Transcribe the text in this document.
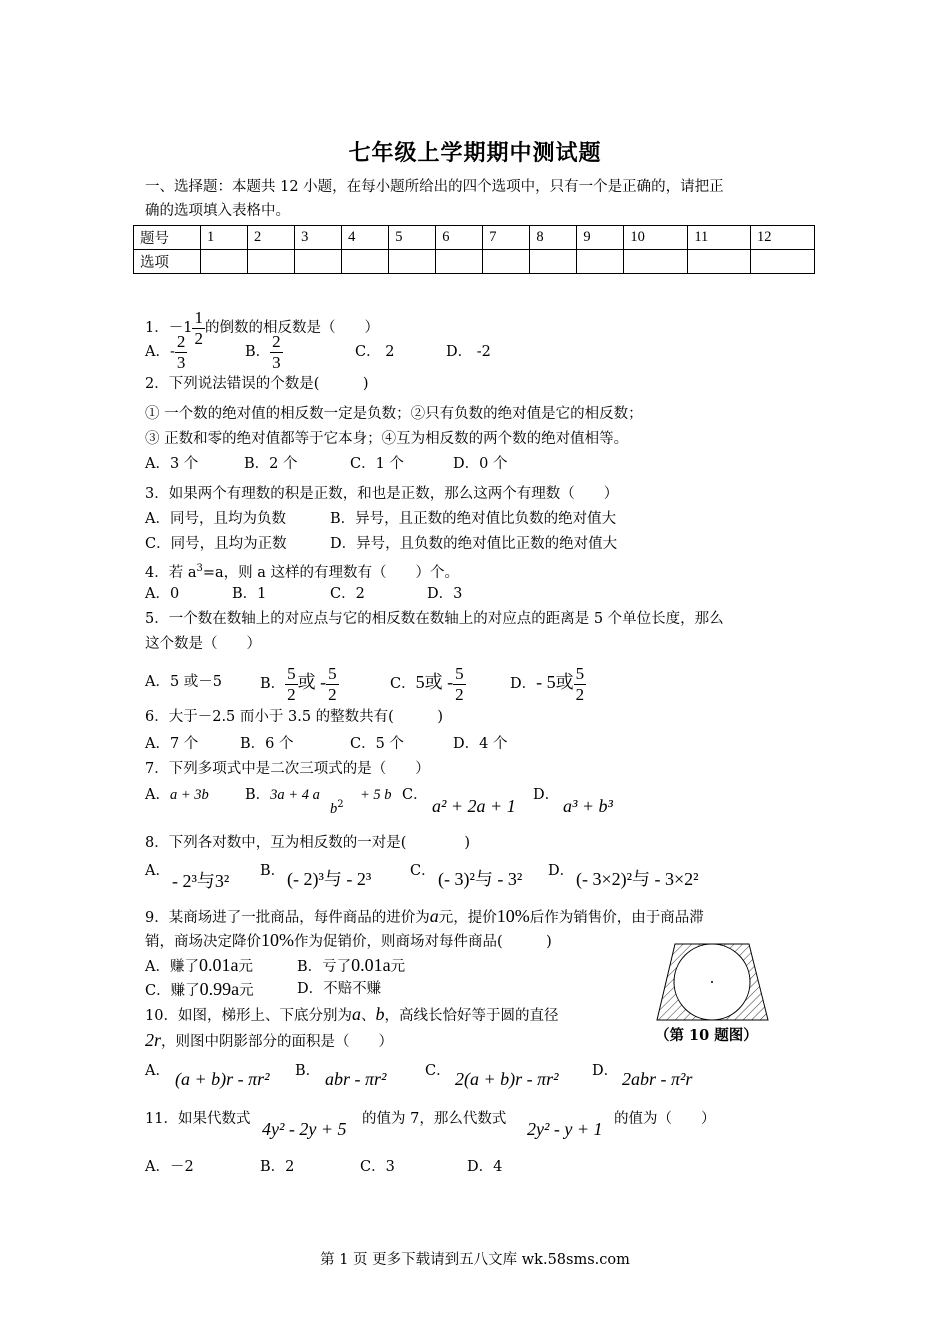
七年级上学期期中测试题
一、选择题：本题共 12 小题，在每小题所给出的四个选项中，只有一个是正确的，请把正
确的选项填入表格中。
题号	1	2	3	4	5	6	7	8	9	10	11	12
选项												
1．$-1 \frac{1}{2}$ 的倒数的相反数是（　　）
A．- $\frac{2}{3}$	B． $\frac{2}{3}$	C． 2	D． -2
2．下列说法错误的个数是(　　　)
① 一个数的绝对值的相反数一定是负数；②只有负数的绝对值是它的相反数；
③ 正数和零的绝对值都等于它本身；④互为相反数的两个数的绝对值相等。
A．3 个	B．2 个	C．1 个	D．0 个
3．如果两个有理数的积是正数，和也是正数，那么这两个有理数（　　）
A．同号，且均为负数	B．异号，且正数的绝对值比负数的绝对值大
C．同号，且均为正数	D．异号，且负数的绝对值比正数的绝对值大
4．若 $a^3=a$，则 a 这样的有理数有（　　）个。
A．0	B．1	C．2	D．3
5．一个数在数轴上的对应点与它的相反数在数轴上的对应点的距离是 5 个单位长度，那么
这个数是（　　）
A．5 或－5	B． $\frac{5}{2}$ 或 - $\frac{5}{2}$	C．5或 - $\frac{5}{2}$	D．- 5或 $\frac{5}{2}$
6．大于－2.5 而小于 3.5 的整数共有(　　　)
A．7 个	B．6 个	C．5 个	D．4 个
7．下列多项式中是二次三项式的是（　　）
A．a + 3b B．3a + 4 a
$b^2$
+ 5 b C．
a² + 2a + 1
D．
a³ + b³
8．下列各对数中，互为相反数的一对是(　　　　)
A． - 2³与3² B． (- 2)³与 - 2³	C． (- 3)²与 - 3² D． (- 3×2)²与 - 3×2²
9．某商场进了一批商品，每件商品的进价为a元，提价10%后作为销售价，由于商品滞
销，商场决定降价10%作为促销价，则商场对每件商品(　　　)
A．赚了0.01a元	B．亏了0.01a元
C．赚了0.99a元	D．不赔不赚
10．如图，梯形上、下底分别为a、b，高线长恰好等于圆的直径
2r，则图中阴影部分的面积是（　　）	（第 10 题图）
A． (a + b)r - πr² B． abr - πr²	C． 2(a + b)r - πr² D． 2abr - π²r
11．如果代数式 4y² - 2y + 5 的值为 7，那么代数式 2y² - y + 1 的值为（　　）
A．－2	B．2	C．3	D．4
第 1 页 更多下载请到五八文库 wk.58sms.com
